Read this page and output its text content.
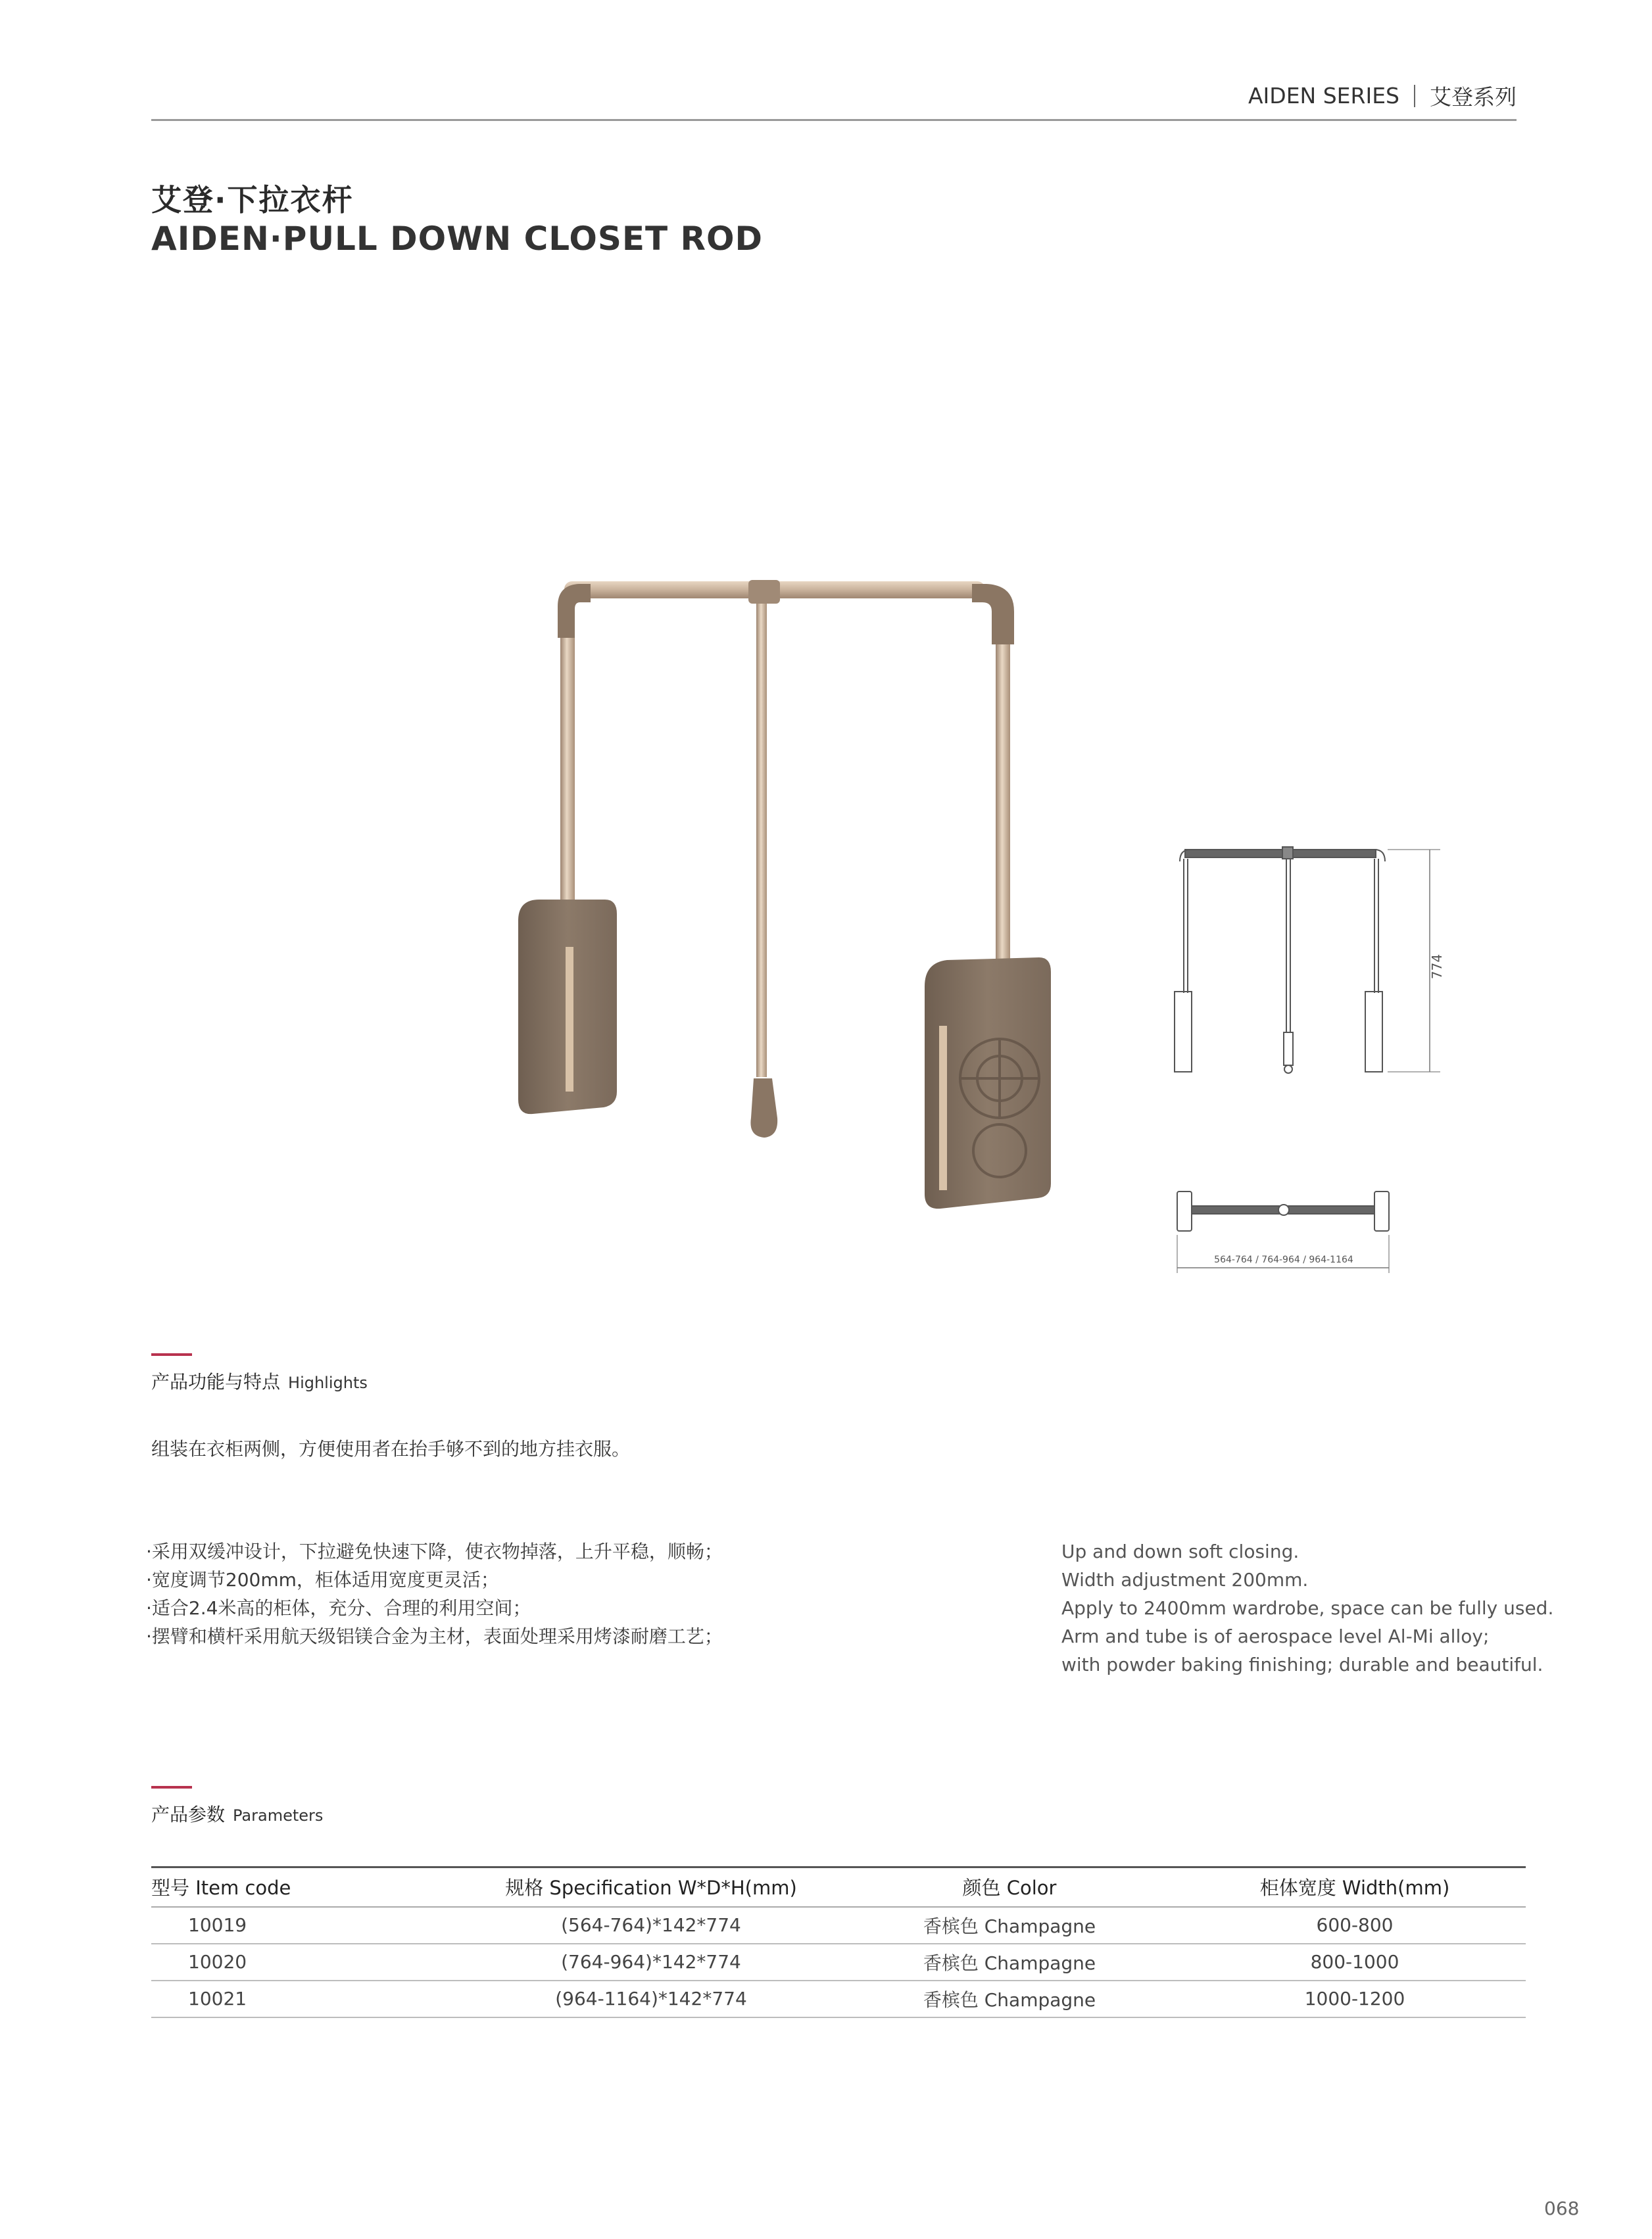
AIDEN SERIES 艾登系列
艾登·下拉衣杆
AIDEN·PULL DOWN CLOSET ROD
774
564-764 / 764-964 / 964-1164
产品功能与特点 Highlights
组装在衣柜两侧，方便使用者在抬手够不到的地方挂衣服。
·采用双缓冲设计，下拉避免快速下降，使衣物掉落，上升平稳，顺畅；
·宽度调节200mm，柜体适用宽度更灵活；
·适合2.4米高的柜体，充分、合理的利用空间；
·摆臂和横杆采用航天级铝镁合金为主材，表面处理采用烤漆耐磨工艺；
Up and down soft closing.
Width adjustment 200mm.
Apply to 2400mm wardrobe, space can be fully used.
Arm and tube is of aerospace level Al-Mi alloy;
with powder baking finishing; durable and beautiful.
产品参数 Parameters
型号 Item code	规格 Specification W*D*H(mm)	颜色 Color	柜体宽度 Width(mm)
10019	(564-764)*142*774	香槟色 Champagne	600-800
10020	(764-964)*142*774	香槟色 Champagne	800-1000
10021	(964-1164)*142*774	香槟色 Champagne	1000-1200
068
